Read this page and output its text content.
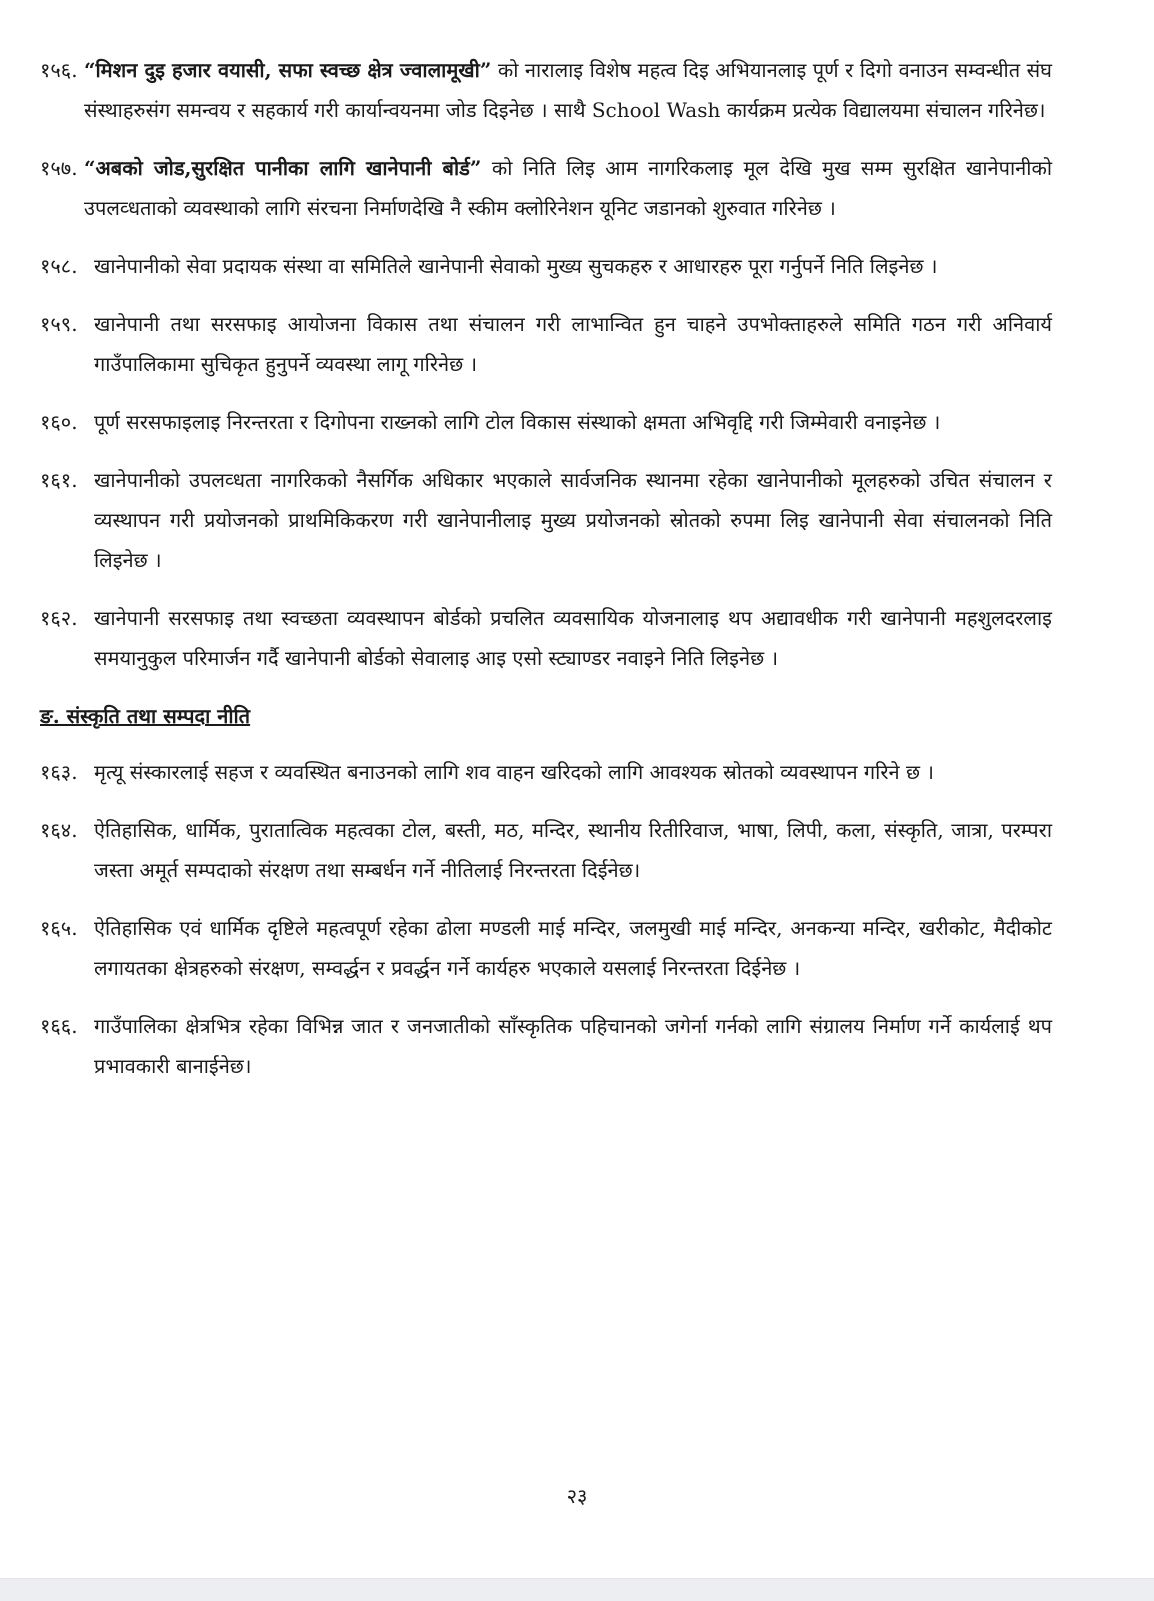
१५६. “मिशन दुइ हजार वयासी, सफा स्वच्छ क्षेत्र ज्वालामूखी” को नारालाइ विशेष महत्व दिइ अभियानलाइ पूर्ण र दिगो वनाउन सम्वन्धीत संघ संस्थाहरुसंग समन्वय र सहकार्य गरी कार्यान्वयनमा जोड दिइनेछ । साथै School Wash कार्यक्रम प्रत्येक विद्यालयमा संचालन गरिनेछ।
१५७. “अबको जोड,सुरक्षित पानीका लागि खानेपानी बोर्ड” को निति लिइ आम नागरिकलाइ मूल देखि मुख सम्म सुरक्षित खानेपानीको उपलव्धताको व्यवस्थाको लागि संरचना निर्माणदेखि नै स्कीम क्लोरिनेशन यूनिट जडानको शुरुवात गरिनेछ ।
१५८. खानेपानीको सेवा प्रदायक संस्था वा समितिले खानेपानी सेवाको मुख्य सुचकहरु र आधारहरु पूरा गर्नुपर्ने निति लिइनेछ ।
१५९. खानेपानी तथा सरसफाइ आयोजना विकास तथा संचालन गरी लाभान्वित हुन चाहने उपभोक्ताहरुले समिति गठन गरी अनिवार्य गाउँपालिकामा सुचिकृत हुनुपर्ने व्यवस्था लागू गरिनेछ ।
१६०. पूर्ण सरसफाइलाइ निरन्तरता र दिगोपना राख्नको लागि टोल विकास संस्थाको क्षमता अभिवृद्दि गरी जिम्मेवारी वनाइनेछ ।
१६१. खानेपानीको उपलव्धता नागरिकको नैसर्गिक अधिकार भएकाले सार्वजनिक स्थानमा रहेका खानेपानीको मूलहरुको उचित संचालन र व्यस्थापन गरी प्रयोजनको प्राथमिकिकरण गरी खानेपानीलाइ मुख्य प्रयोजनको स्रोतको रुपमा लिइ खानेपानी सेवा संचालनको निति लिइनेछ ।
१६२. खानेपानी सरसफाइ तथा स्वच्छता व्यवस्थापन बोर्डको प्रचलित व्यवसायिक योजनालाइ थप अद्यावधीक गरी खानेपानी महशुलदरलाइ समयानुकुल परिमार्जन गर्दै खानेपानी बोर्डको सेवालाइ आइ एसो स्ट्याण्डर नवाइने निति लिइनेछ ।
ङ. संस्कृति तथा सम्पदा नीति
१६३. मृत्यू संस्कारलाई सहज र व्यवस्थित बनाउनको लागि शव वाहन खरिदको लागि आवश्यक स्रोतको व्यवस्थापन गरिने छ ।
१६४. ऐतिहासिक, धार्मिक, पुरातात्विक महत्वका टोल, बस्ती, मठ, मन्दिर, स्थानीय रितीरिवाज, भाषा, लिपी, कला, संस्कृति, जात्रा, परम्परा जस्ता अमूर्त सम्पदाको संरक्षण तथा सम्बर्धन गर्ने नीतिलाई निरन्तरता दिईनेछ।
१६५. ऐतिहासिक एवं धार्मिक दृष्टिले महत्वपूर्ण रहेका ढोला मण्डली माई मन्दिर, जलमुखी माई मन्दिर, अनकन्या मन्दिर, खरीकोट, मैदीकोट लगायतका क्षेत्रहरुको संरक्षण, सम्वर्द्धन र प्रवर्द्धन गर्ने कार्यहरु भएकाले यसलाई निरन्तरता दिईनेछ ।
१६६. गाउँपालिका क्षेत्रभित्र रहेका विभिन्न जात र जनजातीको साँस्कृतिक पहिचानको जगेर्ना गर्नको लागि संग्रालय निर्माण गर्ने कार्यलाई थप प्रभावकारी बानाईनेछ।
२३
